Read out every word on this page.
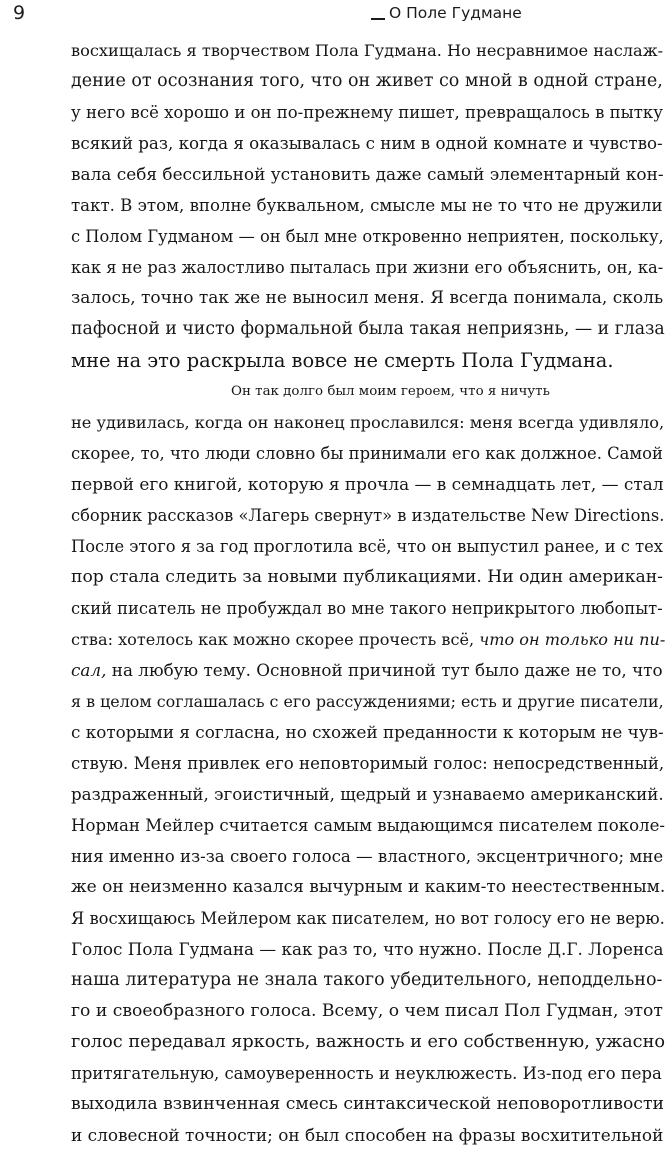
9	О Поле Гудмане
восхищалась я творчеством Пола Гудмана. Но несравнимое наслаж-
дение от осознания того, что он живет со мной в одной стране,
у него всё хорошо и он по-прежнему пишет, превращалось в пытку
всякий раз, когда я оказывалась с ним в одной комнате и чувство-
вала себя бессильной установить даже самый элементарный кон-
такт. В этом, вполне буквальном, смысле мы не то что не дружили
с Полом Гудманом — он был мне откровенно неприятен, поскольку,
как я не раз жалостливо пыталась при жизни его объяснить, он, ка-
залось, точно так же не выносил меня. Я всегда понимала, сколь
пафосной и чисто формальной была такая неприязнь, — и глаза
мне на это раскрыла вовсе не смерть Пола Гудмана.
Он так долго был моим героем, что я ничуть
не удивилась, когда он наконец прославился: меня всегда удивляло,
скорее, то, что люди словно бы принимали его как должное. Самой
первой его книгой, которую я прочла — в семнадцать лет, — стал
сборник рассказов «Лагерь свернут» в издательстве New Directions.
После этого я за год проглотила всё, что он выпустил ранее, и с тех
пор стала следить за новыми публикациями. Ни один американ-
ский писатель не пробуждал во мне такого неприкрытого любопыт-
ства: хотелось как можно скорее прочесть всё, что он только ни пи-
сал, на любую тему. Основной причиной тут было даже не то, что
я в целом соглашалась с его рассуждениями; есть и другие писатели,
с которыми я согласна, но схожей преданности к которым не чув-
ствую. Меня привлек его неповторимый голос: непосредственный,
раздраженный, эгоистичный, щедрый и узнаваемо американский.
Норман Мейлер считается самым выдающимся писателем поколе-
ния именно из-за своего голоса — властного, эксцентричного; мне
же он неизменно казался вычурным и каким-то неестественным.
Я восхищаюсь Мейлером как писателем, но вот голосу его не верю.
Голос Пола Гудмана — как раз то, что нужно. После Д.Г. Лоренса
наша литература не знала такого убедительного, неподдельно-
го и своеобразного голоса. Всему, о чем писал Пол Гудман, этот
голос передавал яркость, важность и его собственную, ужасно
притягательную, самоуверенность и неуклюжесть. Из-под его пера
выходила взвинченная смесь синтаксической неповоротливости
и словесной точности; он был способен на фразы восхитительной
